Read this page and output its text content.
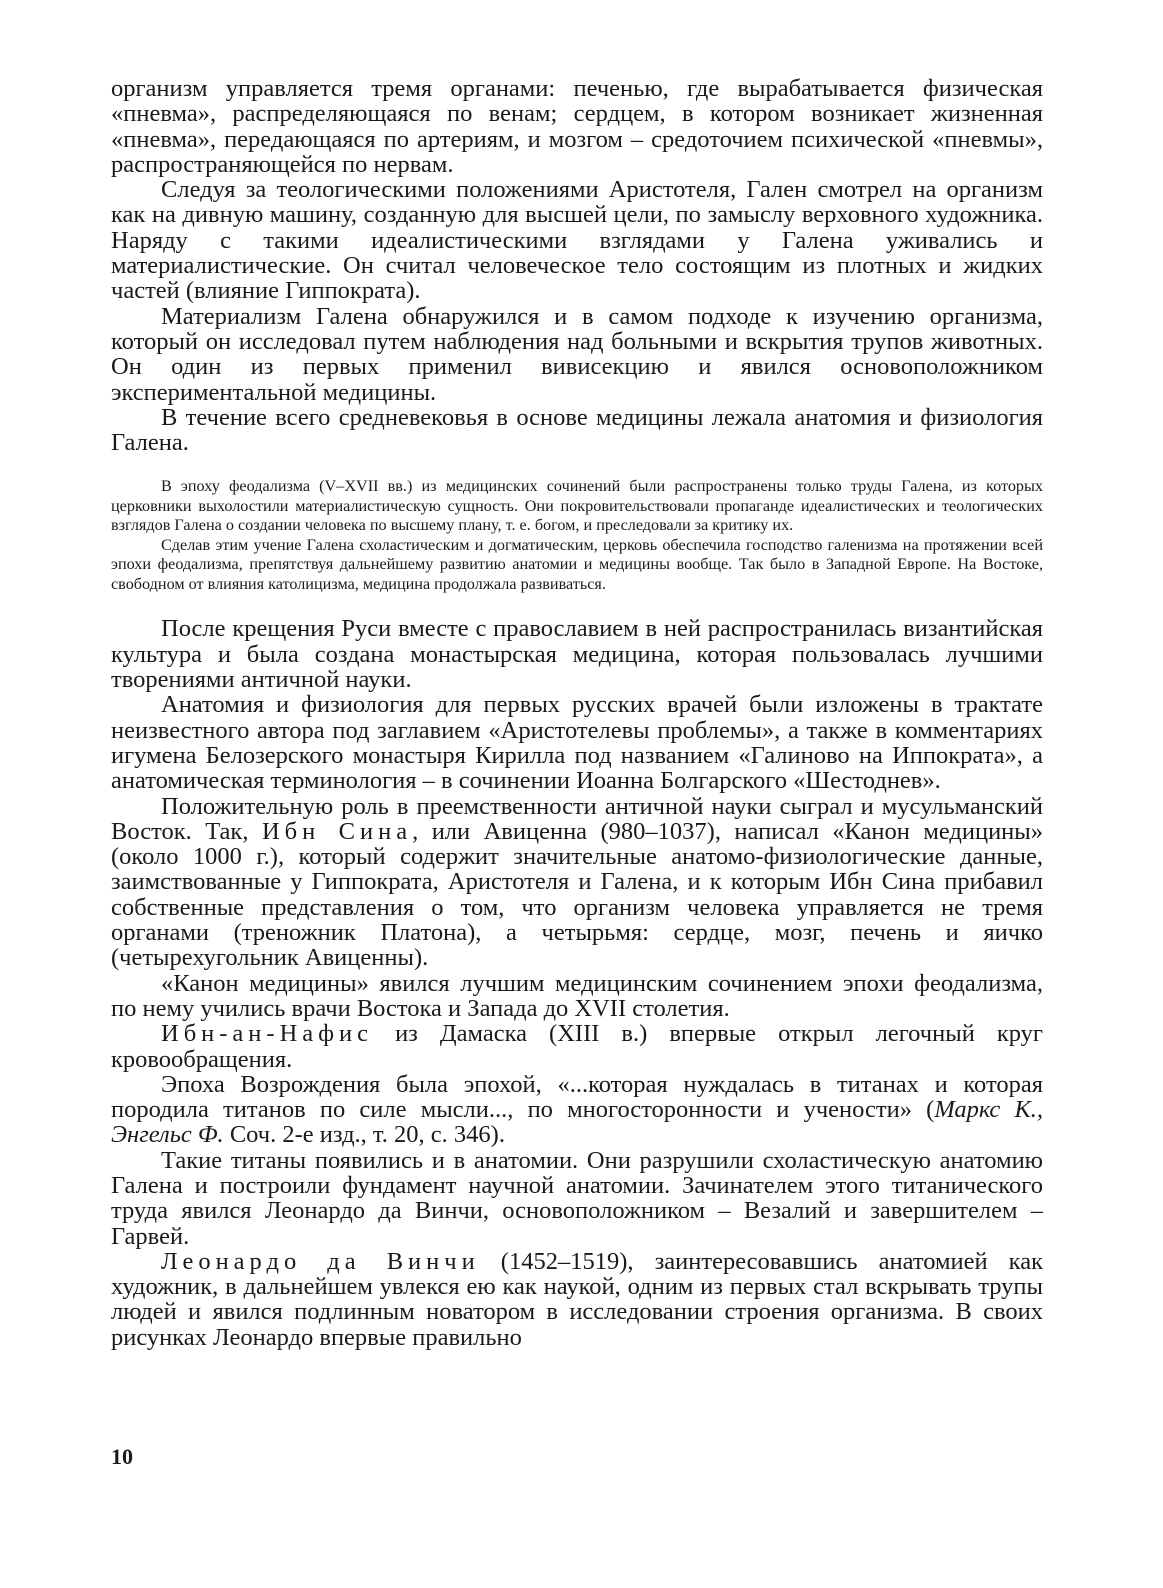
организм управляется тремя органами: печенью, где вырабатывается физическая «пневма», распределяющаяся по венам; сердцем, в котором возникает жизненная «пневма», передающаяся по артериям, и мозгом – средоточием психической «пневмы», распространяющейся по нервам.

Следуя за теологическими положениями Аристотеля, Гален смотрел на организм как на дивную машину, созданную для высшей цели, по замыслу верховного художника. Наряду с такими идеалистическими взглядами у Галена уживались и материалистические. Он считал человеческое тело состоящим из плотных и жидких частей (влияние Гиппократа).

Материализм Галена обнаружился и в самом подходе к изучению организма, который он исследовал путем наблюдения над больными и вскрытия трупов животных. Он один из первых применил вивисекцию и явился основоположником экспериментальной медицины.

В течение всего средневековья в основе медицины лежала анатомия и физиология Галена.

В эпоху феодализма (V–XVII вв.) из медицинских сочинений были распространены только труды Галена, из которых церковники выхолостили материалистическую сущность. Они покровительствовали пропаганде идеалистических и теологических взглядов Галена о создании человека по высшему плану, т. е. богом, и преследовали за критику их.

Сделав этим учение Галена схоластическим и догматическим, церковь обеспечила господство галенизма на протяжении всей эпохи феодализма, препятствуя дальнейшему развитию анатомии и медицины вообще. Так было в Западной Европе. На Востоке, свободном от влияния католицизма, медицина продолжала развиваться.

После крещения Руси вместе с православием в ней распространилась византийская культура и была создана монастырская медицина, которая пользовалась лучшими творениями античной науки.

Анатомия и физиология для первых русских врачей были изложены в трактате неизвестного автора под заглавием «Аристотелевы проблемы», а также в комментариях игумена Белозерского монастыря Кирилла под названием «Галиново на Иппократа», а анатомическая терминология – в сочинении Иоанна Болгарского «Шестоднев».

Положительную роль в преемственности античной науки сыграл и мусульманский Восток. Так, Ибн Сина, или Авиценна (980–1037), написал «Канон медицины» (около 1000 г.), который содержит значительные анатомо-физиологические данные, заимствованные у Гиппократа, Аристотеля и Галена, и к которым Ибн Сина прибавил собственные представления о том, что организм человека управляется не тремя органами (треножник Платона), а четырьмя: сердце, мозг, печень и яичко (четырехугольник Авиценны).

«Канон медицины» явился лучшим медицинским сочинением эпохи феодализма, по нему учились врачи Востока и Запада до XVII столетия.

Ибн-ан-Нафис из Дамаска (XIII в.) впервые открыл легочный круг кровообращения.

Эпоха Возрождения была эпохой, «...которая нуждалась в титанах и которая породила титанов по силе мысли..., по многосторонности и учености» (Маркс К., Энгельс Ф. Соч. 2-е изд., т. 20, с. 346).

Такие титаны появились и в анатомии. Они разрушили схоластическую анатомию Галена и построили фундамент научной анатомии. Зачинателем этого титанического труда явился Леонардо да Винчи, основоположником – Везалий и завершителем – Гарвей.

Леонардо да Винчи (1452–1519), заинтересовавшись анатомией как художник, в дальнейшем увлекся ею как наукой, одним из первых стал вскрывать трупы людей и явился подлинным новатором в исследовании строения организма. В своих рисунках Леонардо впервые правильно

10
